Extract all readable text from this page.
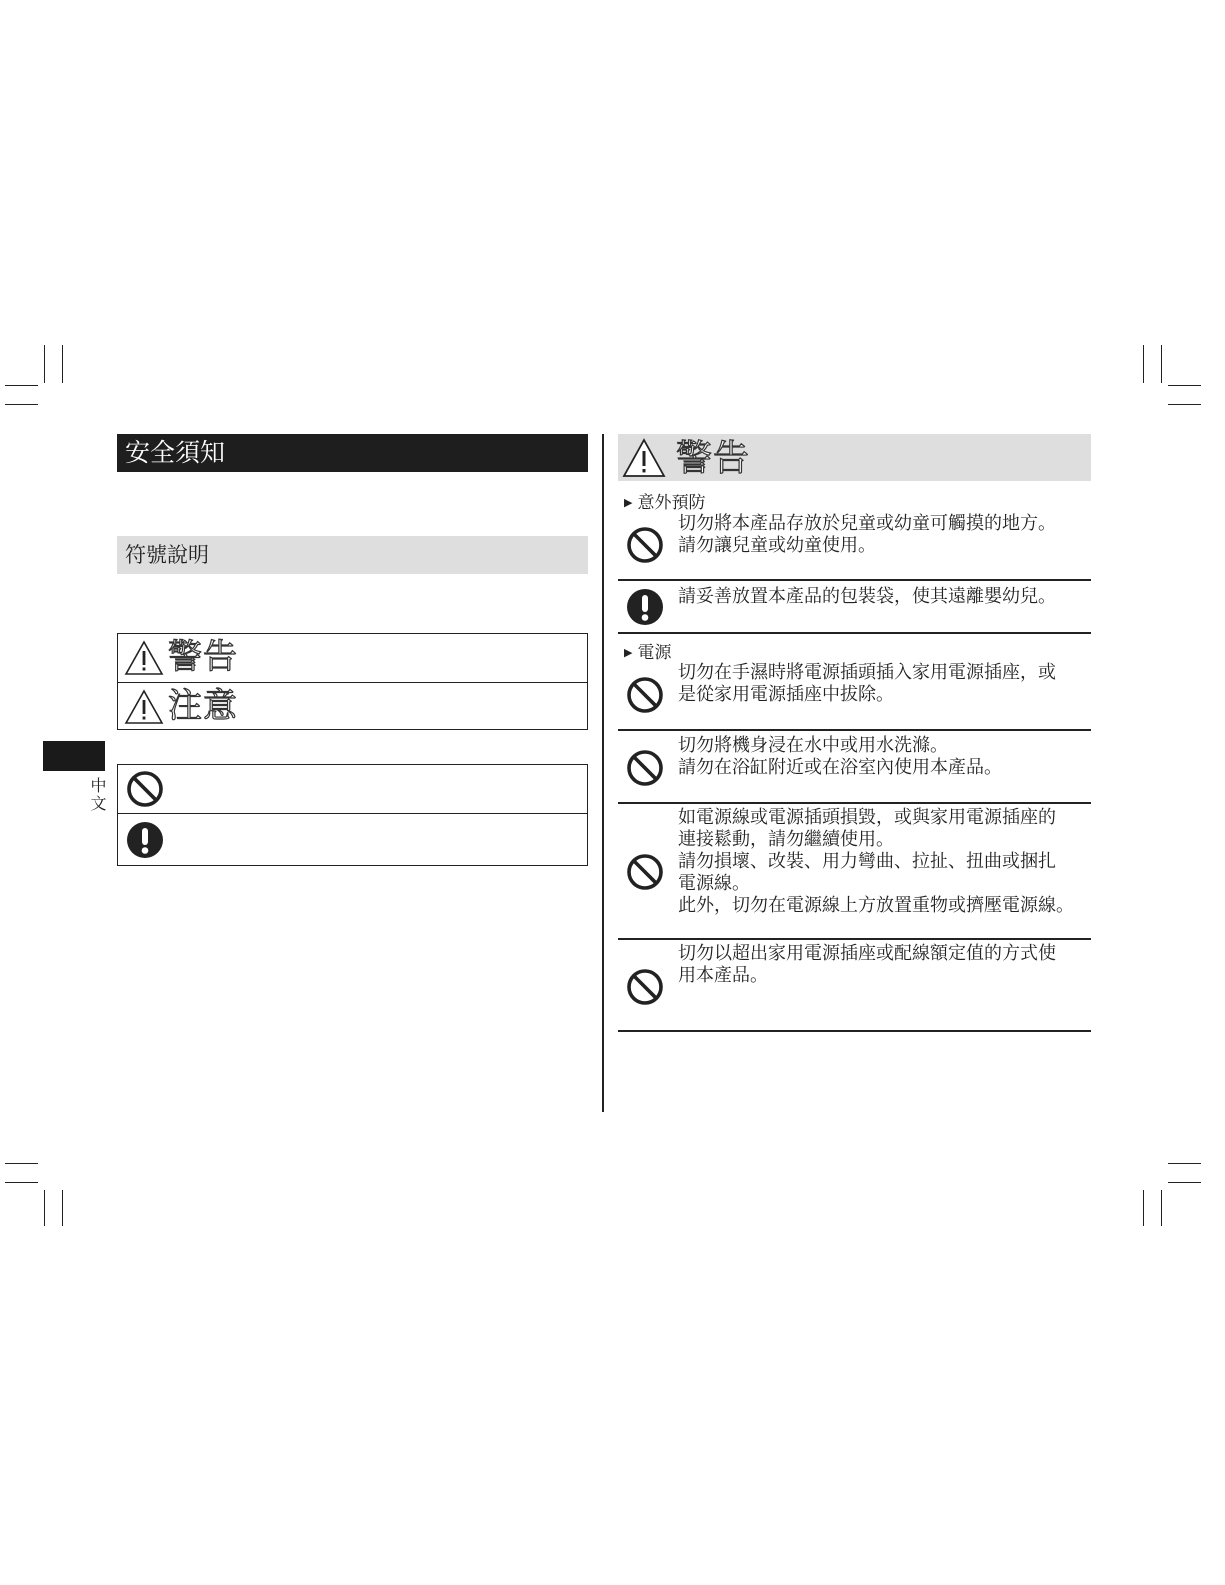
安全須知
符號說明
警告
注意
中文
警告
▶ 意外預防
切勿將本產品存放於兒童或幼童可觸摸的地方。
請勿讓兒童或幼童使用。
請妥善放置本產品的包裝袋，使其遠離嬰幼兒。
▶ 電源
切勿在手濕時將電源插頭插入家用電源插座，或
是從家用電源插座中拔除。
切勿將機身浸在水中或用水洗滌。
請勿在浴缸附近或在浴室內使用本產品。
如電源線或電源插頭損毀，或與家用電源插座的
連接鬆動，請勿繼續使用。
請勿損壞、改裝、用力彎曲、拉扯、扭曲或捆扎
電源線。
此外，切勿在電源線上方放置重物或擠壓電源線。
切勿以超出家用電源插座或配線額定值的方式使
用本產品。
